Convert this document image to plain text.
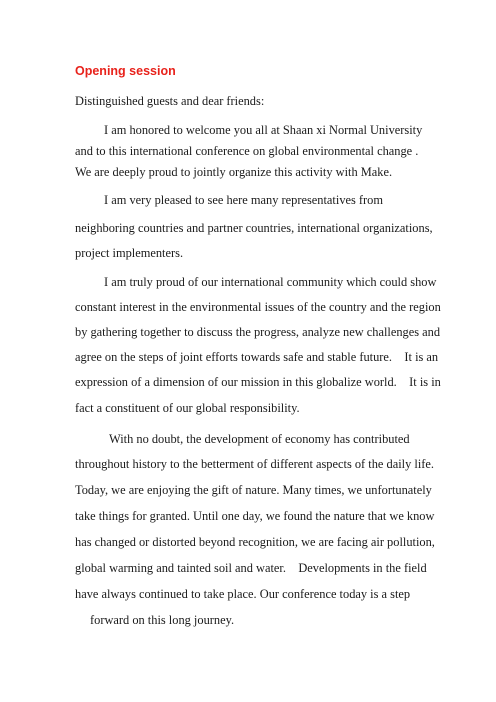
Opening session
Distinguished guests and dear friends:
I am honored to welcome you all at Shaan xi Normal University
and to this international conference on global environmental change .
We are deeply proud to jointly organize this activity with Make.
I am very pleased to see here many representatives from
neighboring countries and partner countries, international organizations,
project implementers.
I am truly proud of our international community which could show
constant interest in the environmental issues of the country and the region
by gathering together to discuss the progress, analyze new challenges and
agree on the steps of joint efforts towards safe and stable future.　It is an
expression of a dimension of our mission in this globalize world.　It is in
fact a constituent of our global responsibility.
With no doubt, the development of economy has contributed
throughout history to the betterment of different aspects of the daily life.
Today, we are enjoying the gift of nature. Many times, we unfortunately
take things for granted. Until one day, we found the nature that we know
has changed or distorted beyond recognition, we are facing air pollution,
global warming and tainted soil and water.　Developments in the field
have always continued to take place. Our conference today is a step
forward on this long journey.
